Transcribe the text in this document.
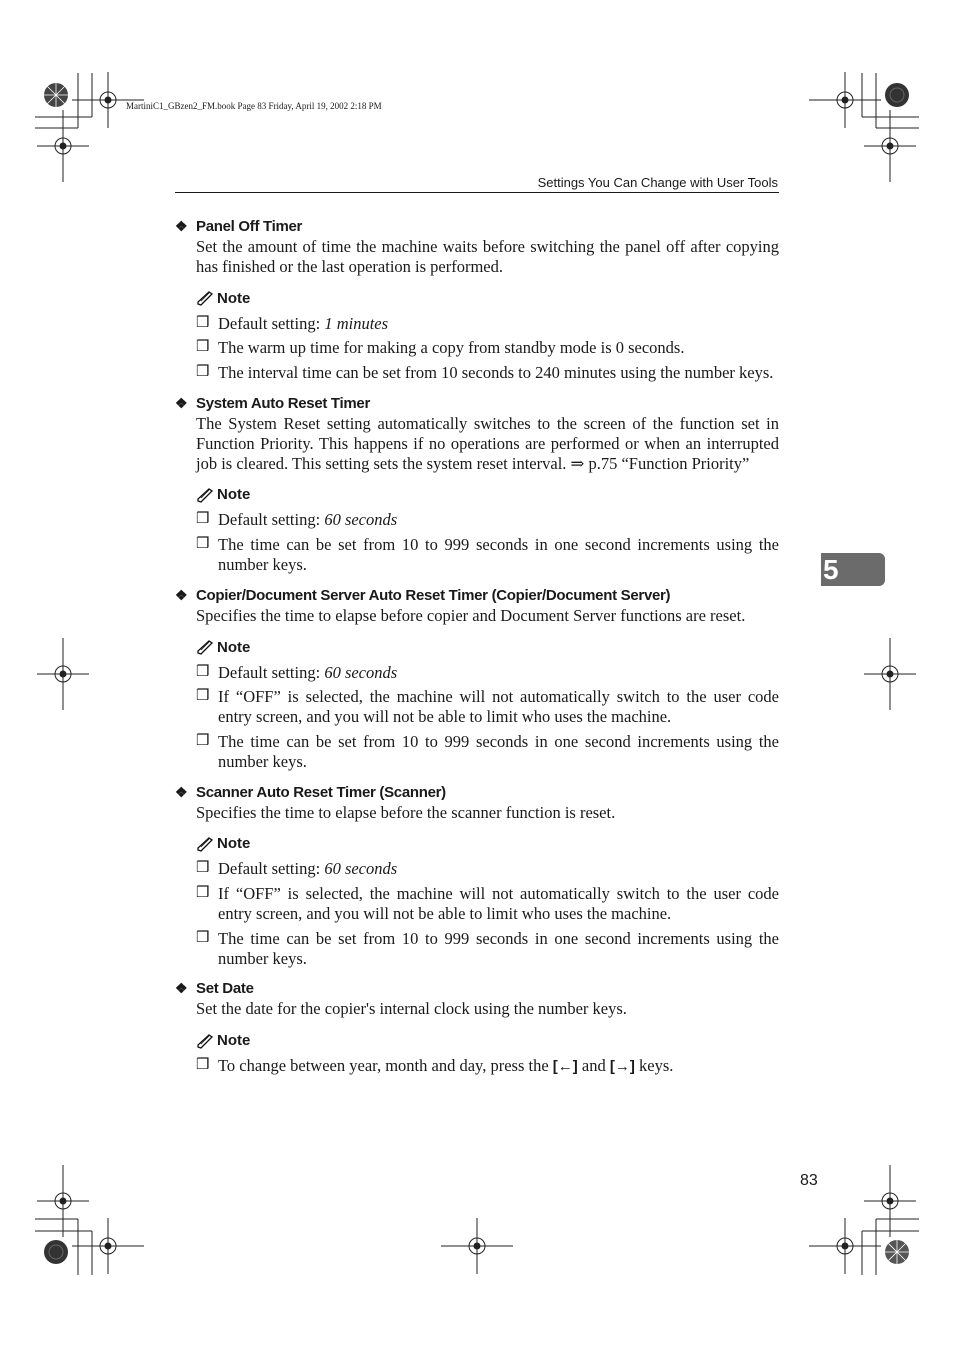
MartiniC1_GBzen2_FM.book Page 83 Friday, April 19, 2002 2:18 PM
Settings You Can Change with User Tools
5
❖ Panel Off Timer
Set the amount of time the machine waits before switching the panel off after copying has finished or the last operation is performed.
Note
❒ Default setting: 1 minutes
❒ The warm up time for making a copy from standby mode is 0 seconds.
❒ The interval time can be set from 10 seconds to 240 minutes using the number keys.
❖ System Auto Reset Timer
The System Reset setting automatically switches to the screen of the function set in Function Priority. This happens if no operations are performed or when an interrupted job is cleared. This setting sets the system reset interval. ⇒ p.75 “Function Priority”
Note
❒ Default setting: 60 seconds
❒ The time can be set from 10 to 999 seconds in one second increments using the number keys.
❖ Copier/Document Server Auto Reset Timer (Copier/Document Server)
Specifies the time to elapse before copier and Document Server functions are reset.
Note
❒ Default setting: 60 seconds
❒ If “OFF” is selected, the machine will not automatically switch to the user code entry screen, and you will not be able to limit who uses the machine.
❒ The time can be set from 10 to 999 seconds in one second increments using the number keys.
❖ Scanner Auto Reset Timer (Scanner)
Specifies the time to elapse before the scanner function is reset.
Note
❒ Default setting: 60 seconds
❒ If “OFF” is selected, the machine will not automatically switch to the user code entry screen, and you will not be able to limit who uses the machine.
❒ The time can be set from 10 to 999 seconds in one second increments using the number keys.
❖ Set Date
Set the date for the copier's internal clock using the number keys.
Note
❒ To change between year, month and day, press the [←] and [→] keys.
83
